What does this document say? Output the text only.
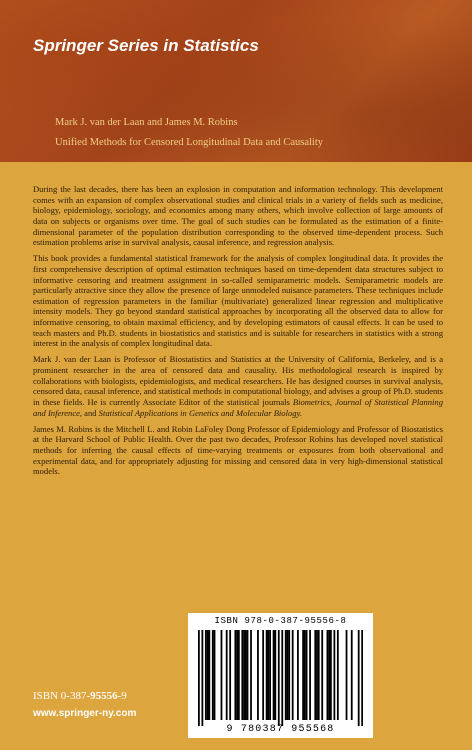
Springer Series in Statistics
Mark J. van der Laan and James M. Robins
Unified Methods for Censored Longitudinal Data and Causality

During the last decades, there has been an explosion in computation and information technology. This development comes with an expansion of complex observational studies and clinical trials in a variety of fields such as medicine, biology, epidemiology, sociology, and economics among many others, which involve collection of large amounts of data on subjects or organisms over time. The goal of such studies can be formulated as the estimation of a finite-dimensional parameter of the population distribution corresponding to the observed time-dependent process. Such estimation problems arise in survival analysis, causal inference, and regression analysis.

This book provides a fundamental statistical framework for the analysis of complex longitudinal data. It provides the first comprehensive description of optimal estimation techniques based on time-dependent data structures subject to informative censoring and treatment assignment in so-called semiparametric models. Semiparametric models are particularly attractive since they allow the presence of large unmodeled nuisance parameters. These techniques include estimation of regression parameters in the familiar (multivariate) generalized linear regression and multiplicative intensity models. They go beyond standard statistical approaches by incorporating all the observed data to allow for informative censoring, to obtain maximal efficiency, and by developing estimators of causal effects. It can be used to teach masters and Ph.D. students in biostatistics and statistics and is suitable for researchers in statistics with a strong interest in the analysis of complex longitudinal data.

Mark J. van der Laan is Professor of Biostatistics and Statistics at the University of California, Berkeley, and is a prominent researcher in the area of censored data and causality. His methodological research is inspired by collaborations with biologists, epidemiologists, and medical researchers. He has designed courses in survival analysis, censored data, causal inference, and statistical methods in computational biology, and advises a group of Ph.D. students in these fields. He is currently Associate Editor of the statistical journals Biometrics, Journal of Statistical Planning and Inference, and Statistical Applications in Genetics and Molecular Biology.

James M. Robins is the Mitchell L. and Robin LaFoley Dong Professor of Epidemiology and Professor of Biostatistics at the Harvard School of Public Health. Over the past two decades, Professor Robins has developed novel statistical methods for inferring the causal effects of time-varying treatments or exposures from both observational and experimental data, and for appropriately adjusting for missing and censored data in very high-dimensional statistical models.

ISBN 978-0-387-95556-8
9 780387 955568
ISBN 0-387-95556-9
www.springer-ny.com
